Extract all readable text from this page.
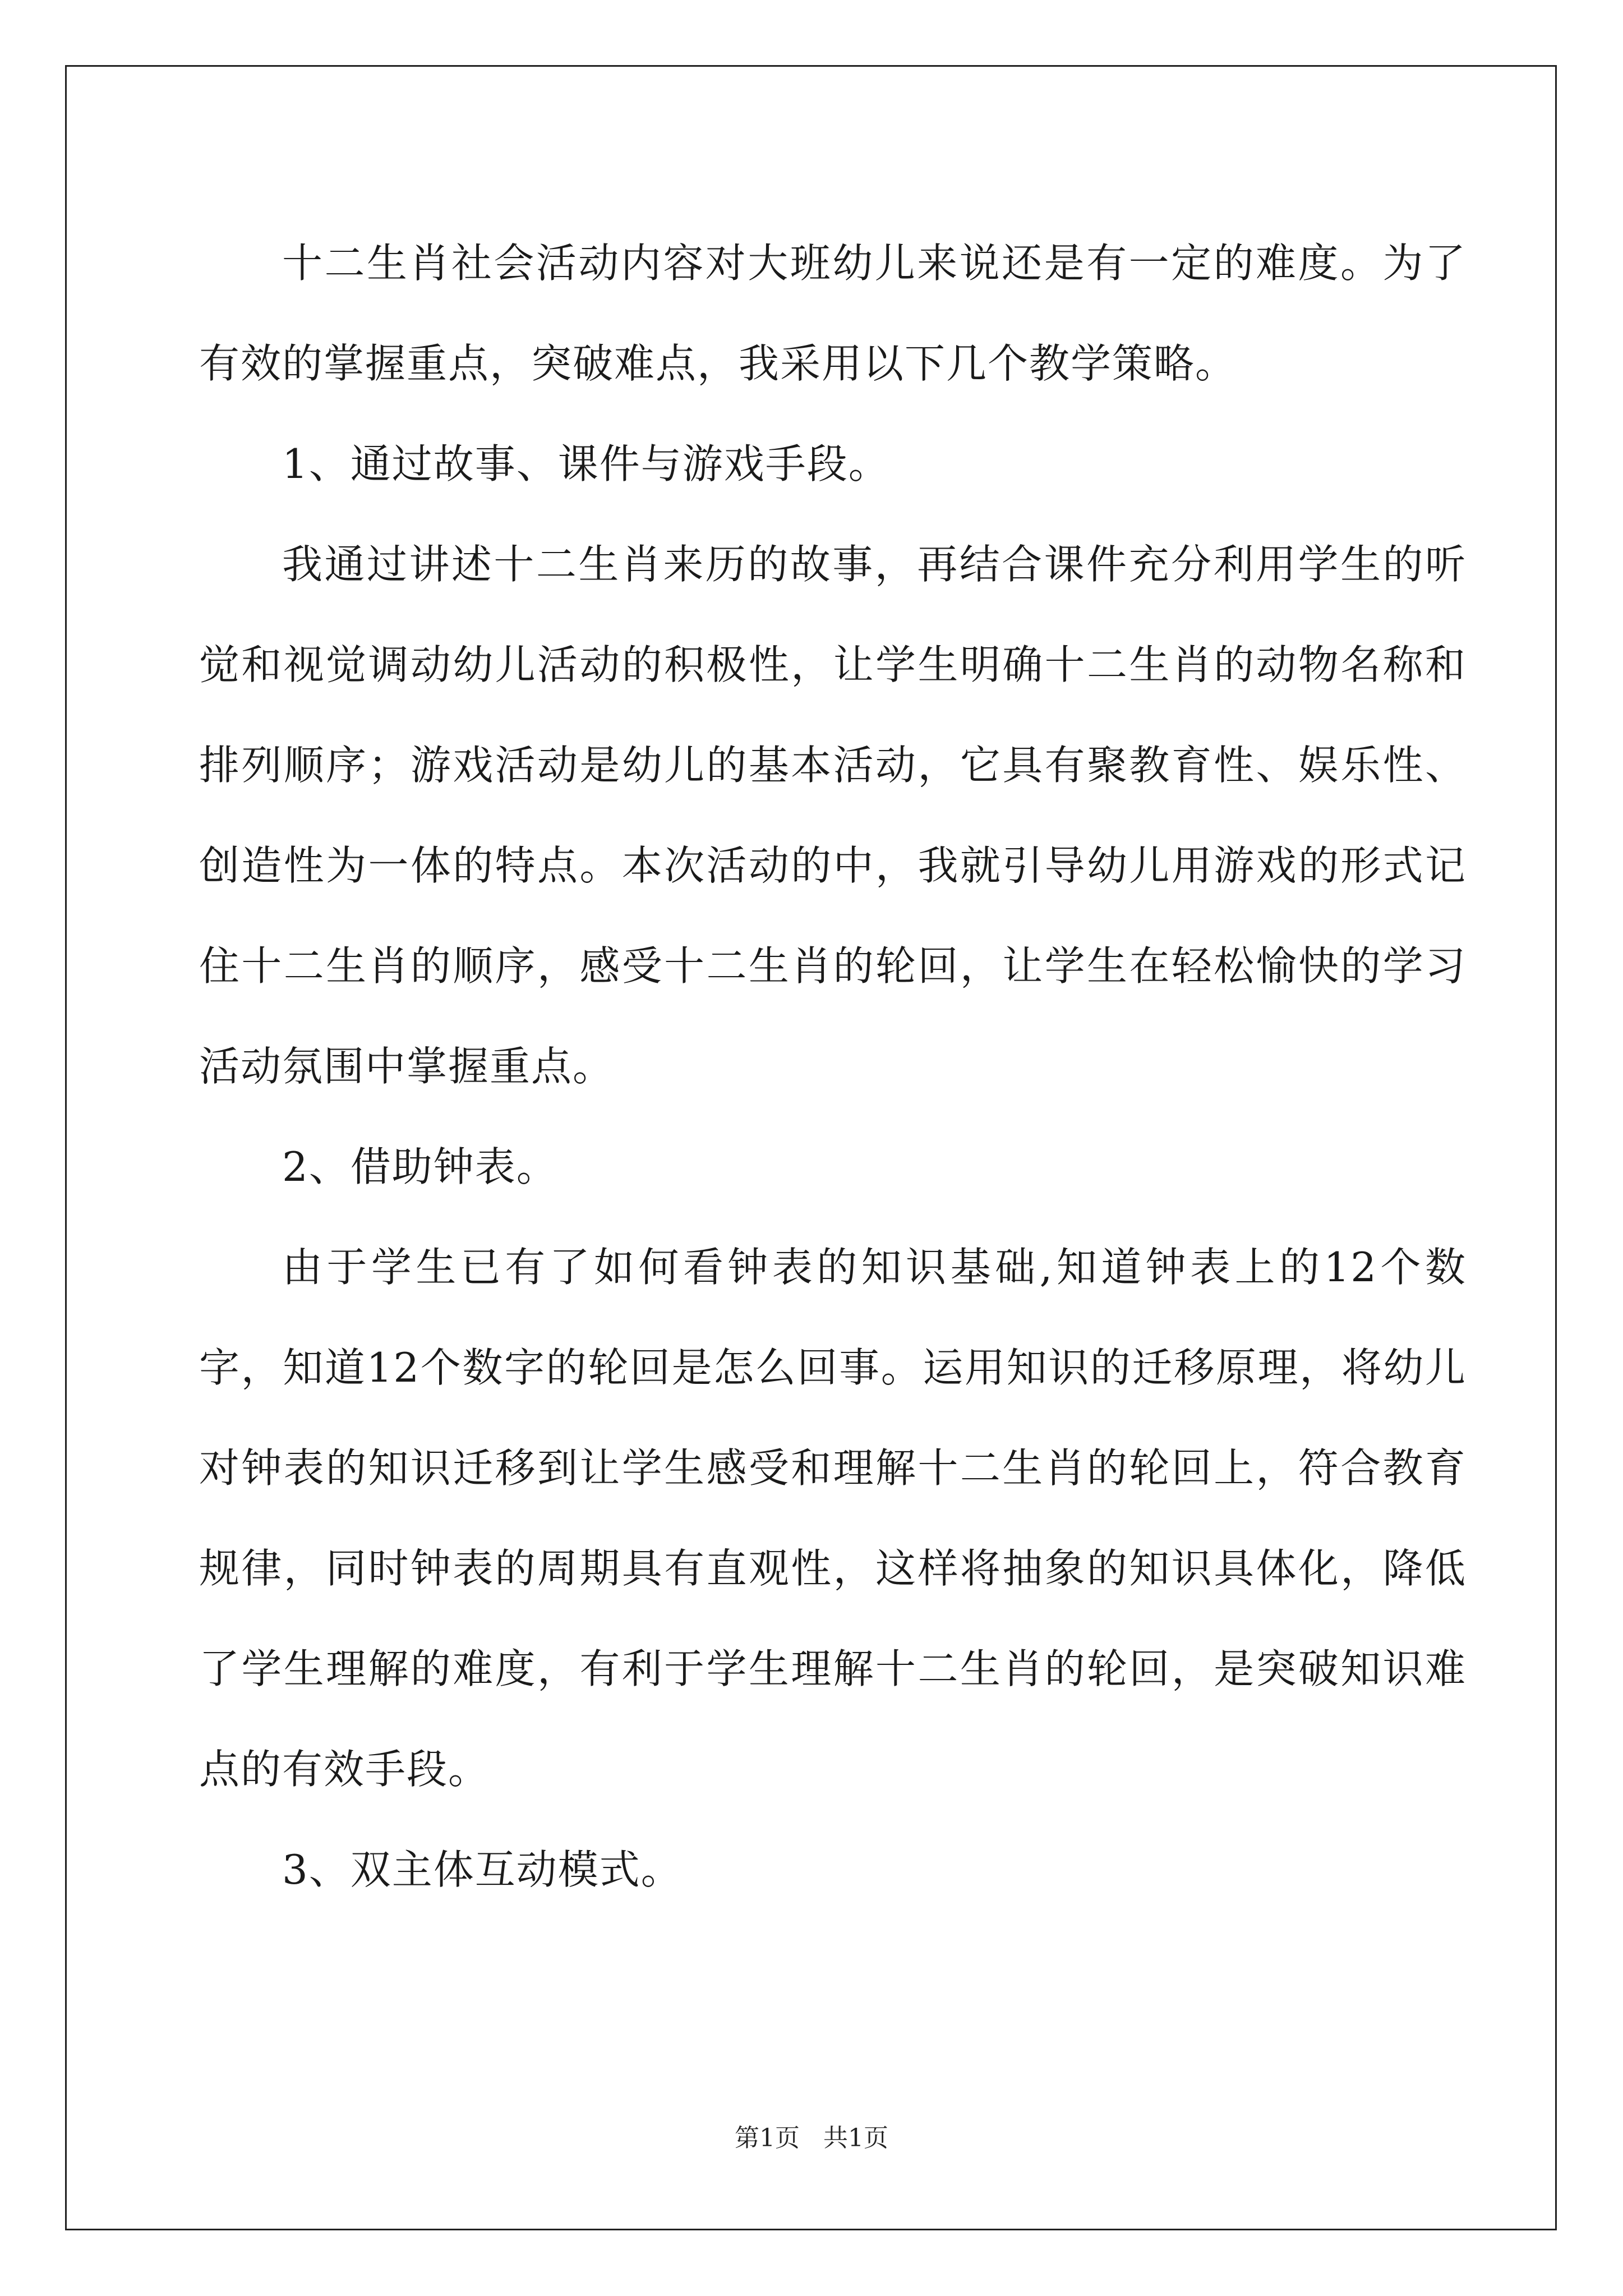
十二生肖社会活动内容对大班幼儿来说还是有一定的难度。为了有效的掌握重点，突破难点，我采用以下几个教学策略。

1、通过故事、课件与游戏手段。

我通过讲述十二生肖来历的故事，再结合课件充分利用学生的听觉和视觉调动幼儿活动的积极性，让学生明确十二生肖的动物名称和排列顺序；游戏活动是幼儿的基本活动，它具有聚教育性、娱乐性、创造性为一体的特点。本次活动的中，我就引导幼儿用游戏的形式记住十二生肖的顺序，感受十二生肖的轮回，让学生在轻松愉快的学习活动氛围中掌握重点。

2、借助钟表。

由于学生已有了如何看钟表的知识基础,知道钟表上的12个数字，知道12个数字的轮回是怎么回事。运用知识的迁移原理，将幼儿对钟表的知识迁移到让学生感受和理解十二生肖的轮回上，符合教育规律，同时钟表的周期具有直观性，这样将抽象的知识具体化，降低了学生理解的难度，有利于学生理解十二生肖的轮回，是突破知识难点的有效手段。

3、双主体互动模式。

第1页   共1页
